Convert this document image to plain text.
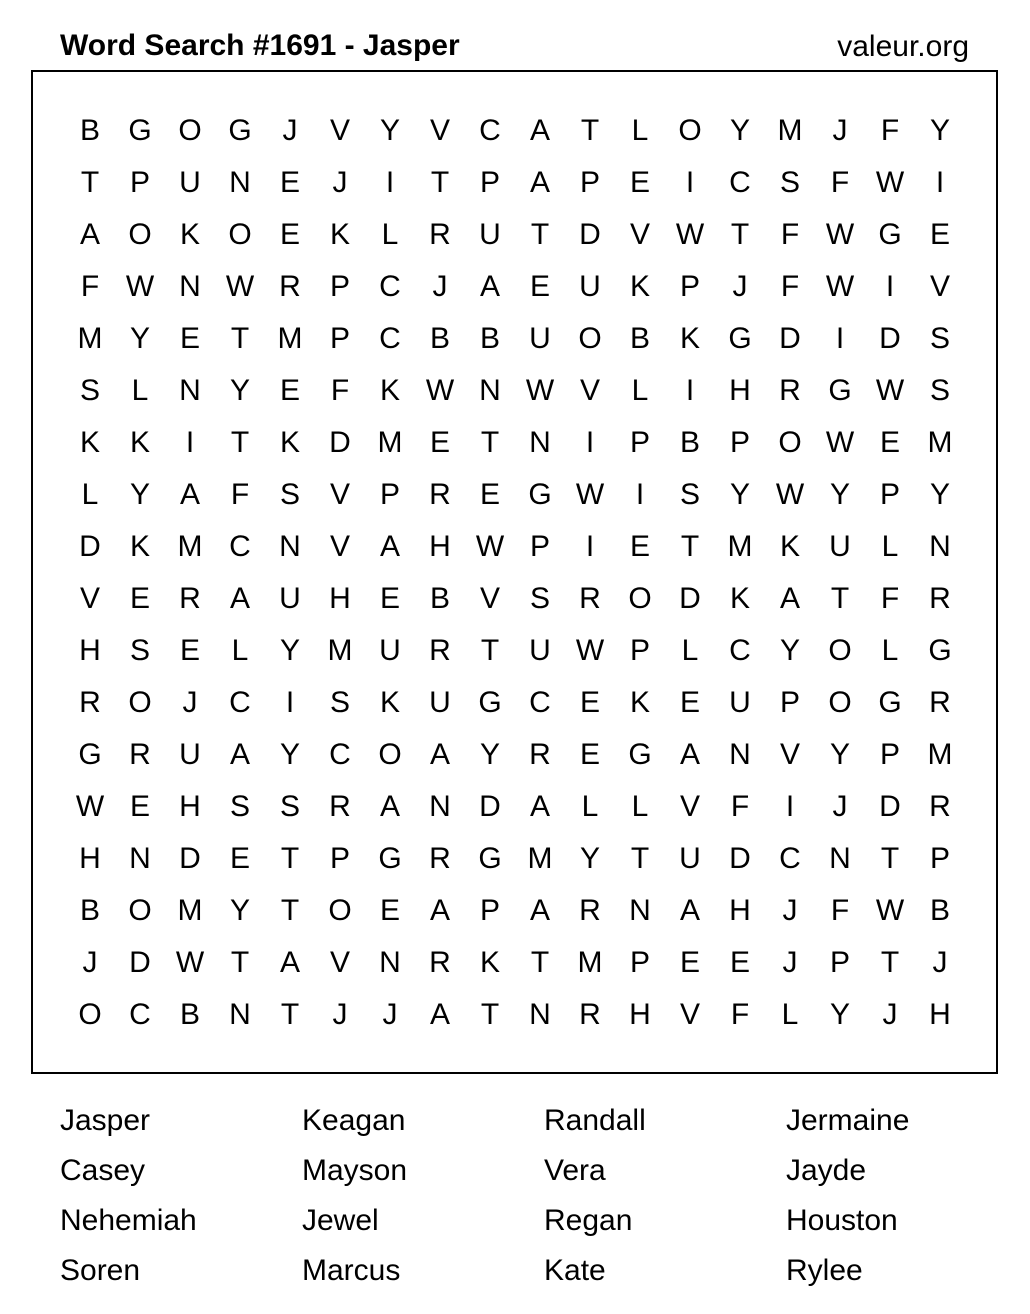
Word Search #1691 - Jasper	valeur.org
B G O G	J	V Y V C A	T	L O Y M	J	F	Y
T	P U N E	J	I	T	P A P E	I	C S	F W	I
A O K O E K	L	R U	T	D V W T	F W G E
F W N W R P C	J	A E U K P	J	F W	I	V
M Y E	T M P C B B U O B K G D	I	D S
S	L	N Y E	F	K W N W V	L	I	H R G W S
K K	I	T	K D M E	T	N	I	P B P O W E M
L	Y A	F	S V P R E G W	I	S Y W Y P Y
D K M C N V A H W P	I	E	T M K U	L	N
V E R A U H E B V S R O D K A	T	F	R
H S E	L	Y M U R	T	U W P	L	C Y O L G
R O	J	C	I	S K U G C E K E U P O G R
G R U A Y C O A Y R E G A N V Y P M
W E H S S R A N D A	L	L	V	F	I	J	D R
H N D E	T	P G R G M Y	T	U D C N	T	P
B O M Y	T O E A P A R N A H	J	F W B
J	D W T	A V N R K	T M P E E	J	P	T	J
O C B N	T	J	J	A	T	N R H V	F	L	Y	J	H
Jasper	Keagan	Randall	Jermaine
Casey	Mayson	Vera	Jayde
Nehemiah	Jewel	Regan	Houston
Soren	Marcus	Kate	Rylee
